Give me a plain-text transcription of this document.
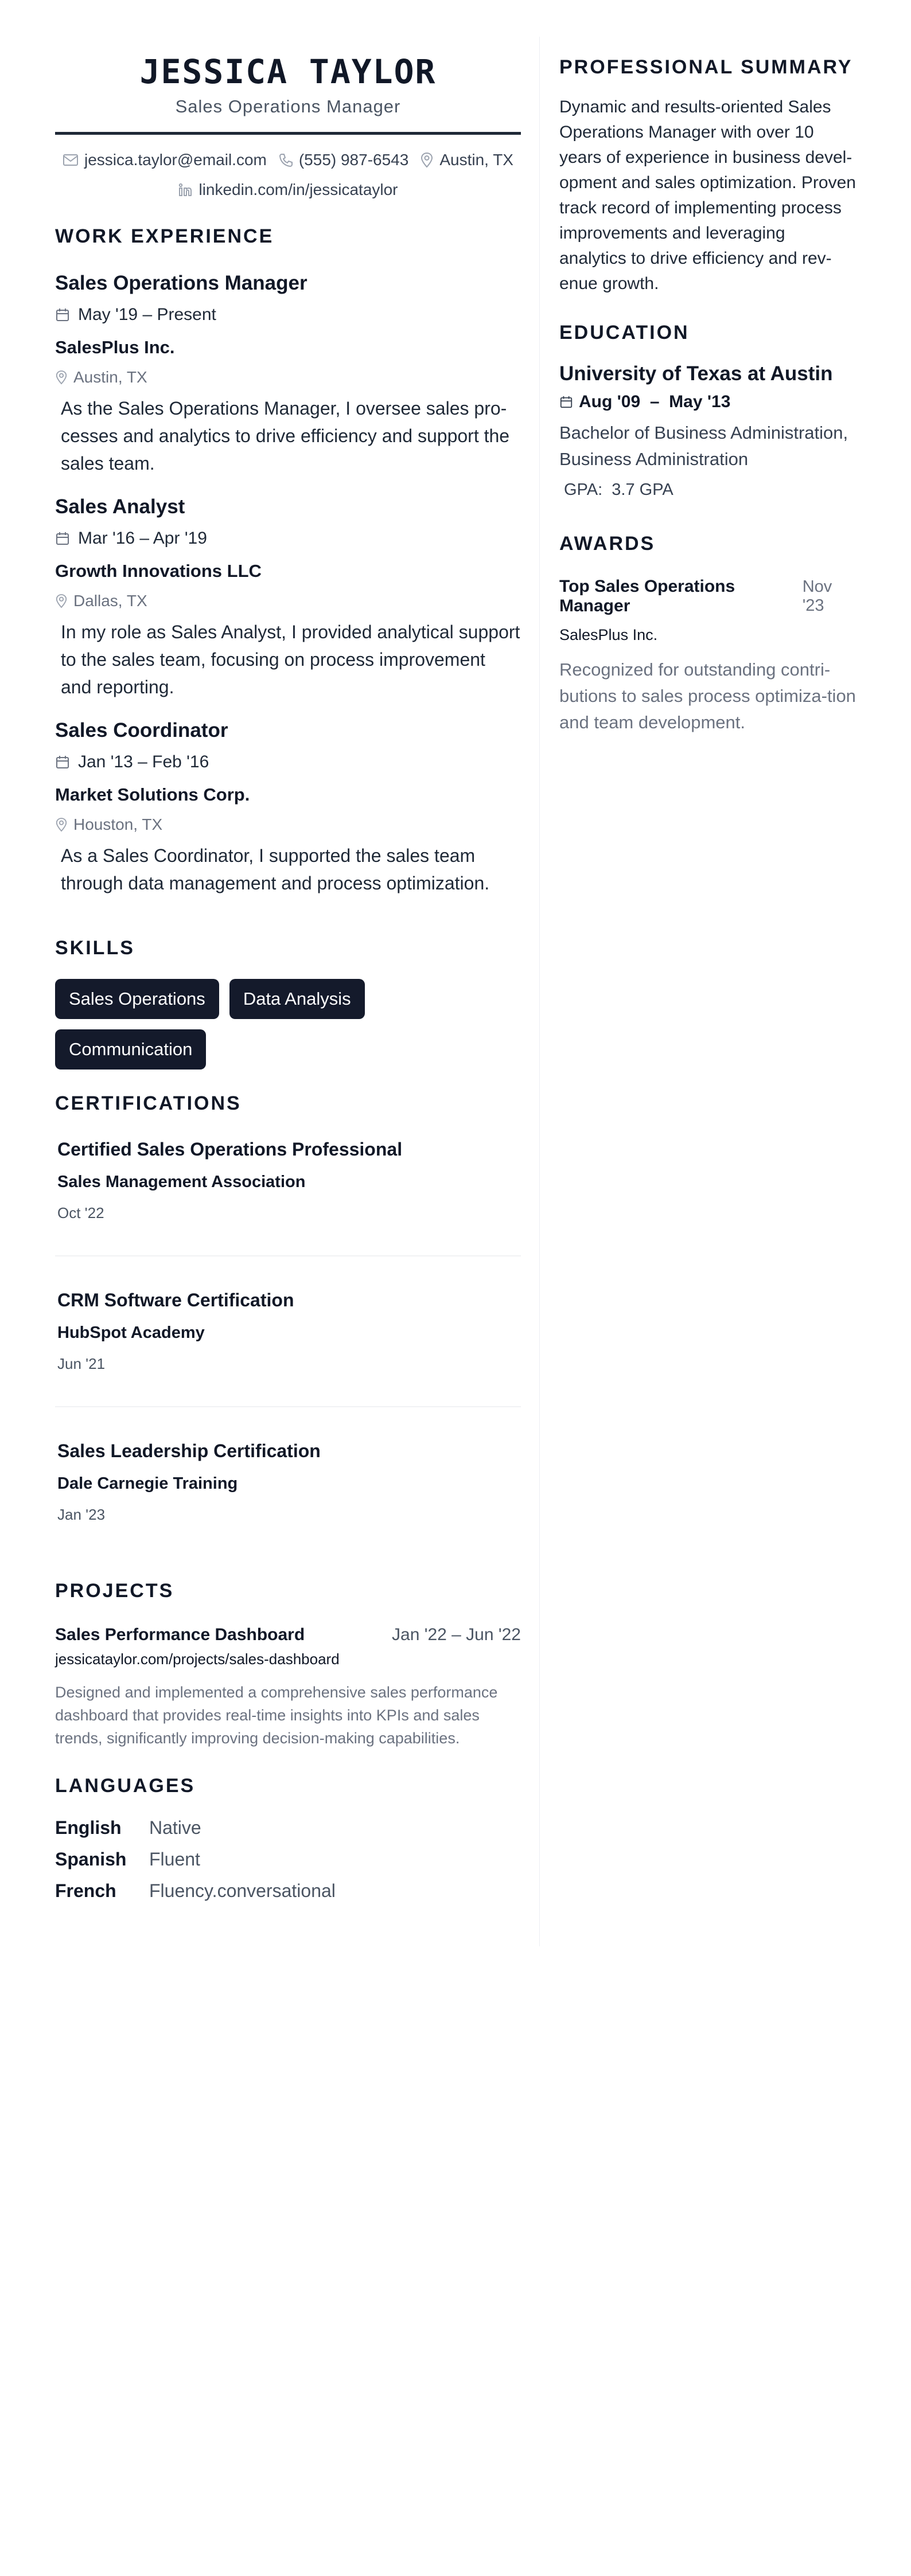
JESSICA TAYLOR
Sales Operations Manager
jessica.taylor@email.com (555) 987-6543 Austin, TX
linkedin.com/in/jessicataylor
WORK EXPERIENCE
Sales Operations Manager
May '19 – Present
SalesPlus Inc.
Austin, TX
As the Sales Operations Manager, I oversee sales pro-cesses and analytics to drive efficiency and support the sales team.
Sales Analyst
Mar '16 – Apr '19
Growth Innovations LLC
Dallas, TX
In my role as Sales Analyst, I provided analytical support to the sales team, focusing on process improvement and reporting.
Sales Coordinator
Jan '13 – Feb '16
Market Solutions Corp.
Houston, TX
As a Sales Coordinator, I supported the sales team through data management and process optimization.
SKILLS
Sales Operations	Data Analysis
Communication
CERTIFICATIONS
Certified Sales Operations Professional
Sales Management Association
Oct '22
CRM Software Certification
HubSpot Academy
Jun '21
Sales Leadership Certification
Dale Carnegie Training
Jan '23
PROJECTS
Sales Performance Dashboard	Jan '22 – Jun '22
jessicataylor.com/projects/sales-dashboard
Designed and implemented a comprehensive sales performance dashboard that provides real-time insights into KPIs and sales trends, significantly improving decision-making capabilities.
LANGUAGES
English	Native
Spanish	Fluent
French	Fluency.conversational
PROFESSIONAL SUMMARY
Dynamic and results-oriented Sales Operations Manager with over 10 years of experience in business devel-opment and sales optimization. Proven track record of implementing process improvements and leveraging analytics to drive efficiency and rev-enue growth.
EDUCATION
University of Texas at Austin
Aug '09  –  May '13
Bachelor of Business Administration, Business Administration
GPA: 3.7 GPA
AWARDS
Top Sales Operations Manager
Nov '23
SalesPlus Inc.
Recognized for outstanding contri-butions to sales process optimiza-tion and team development.
